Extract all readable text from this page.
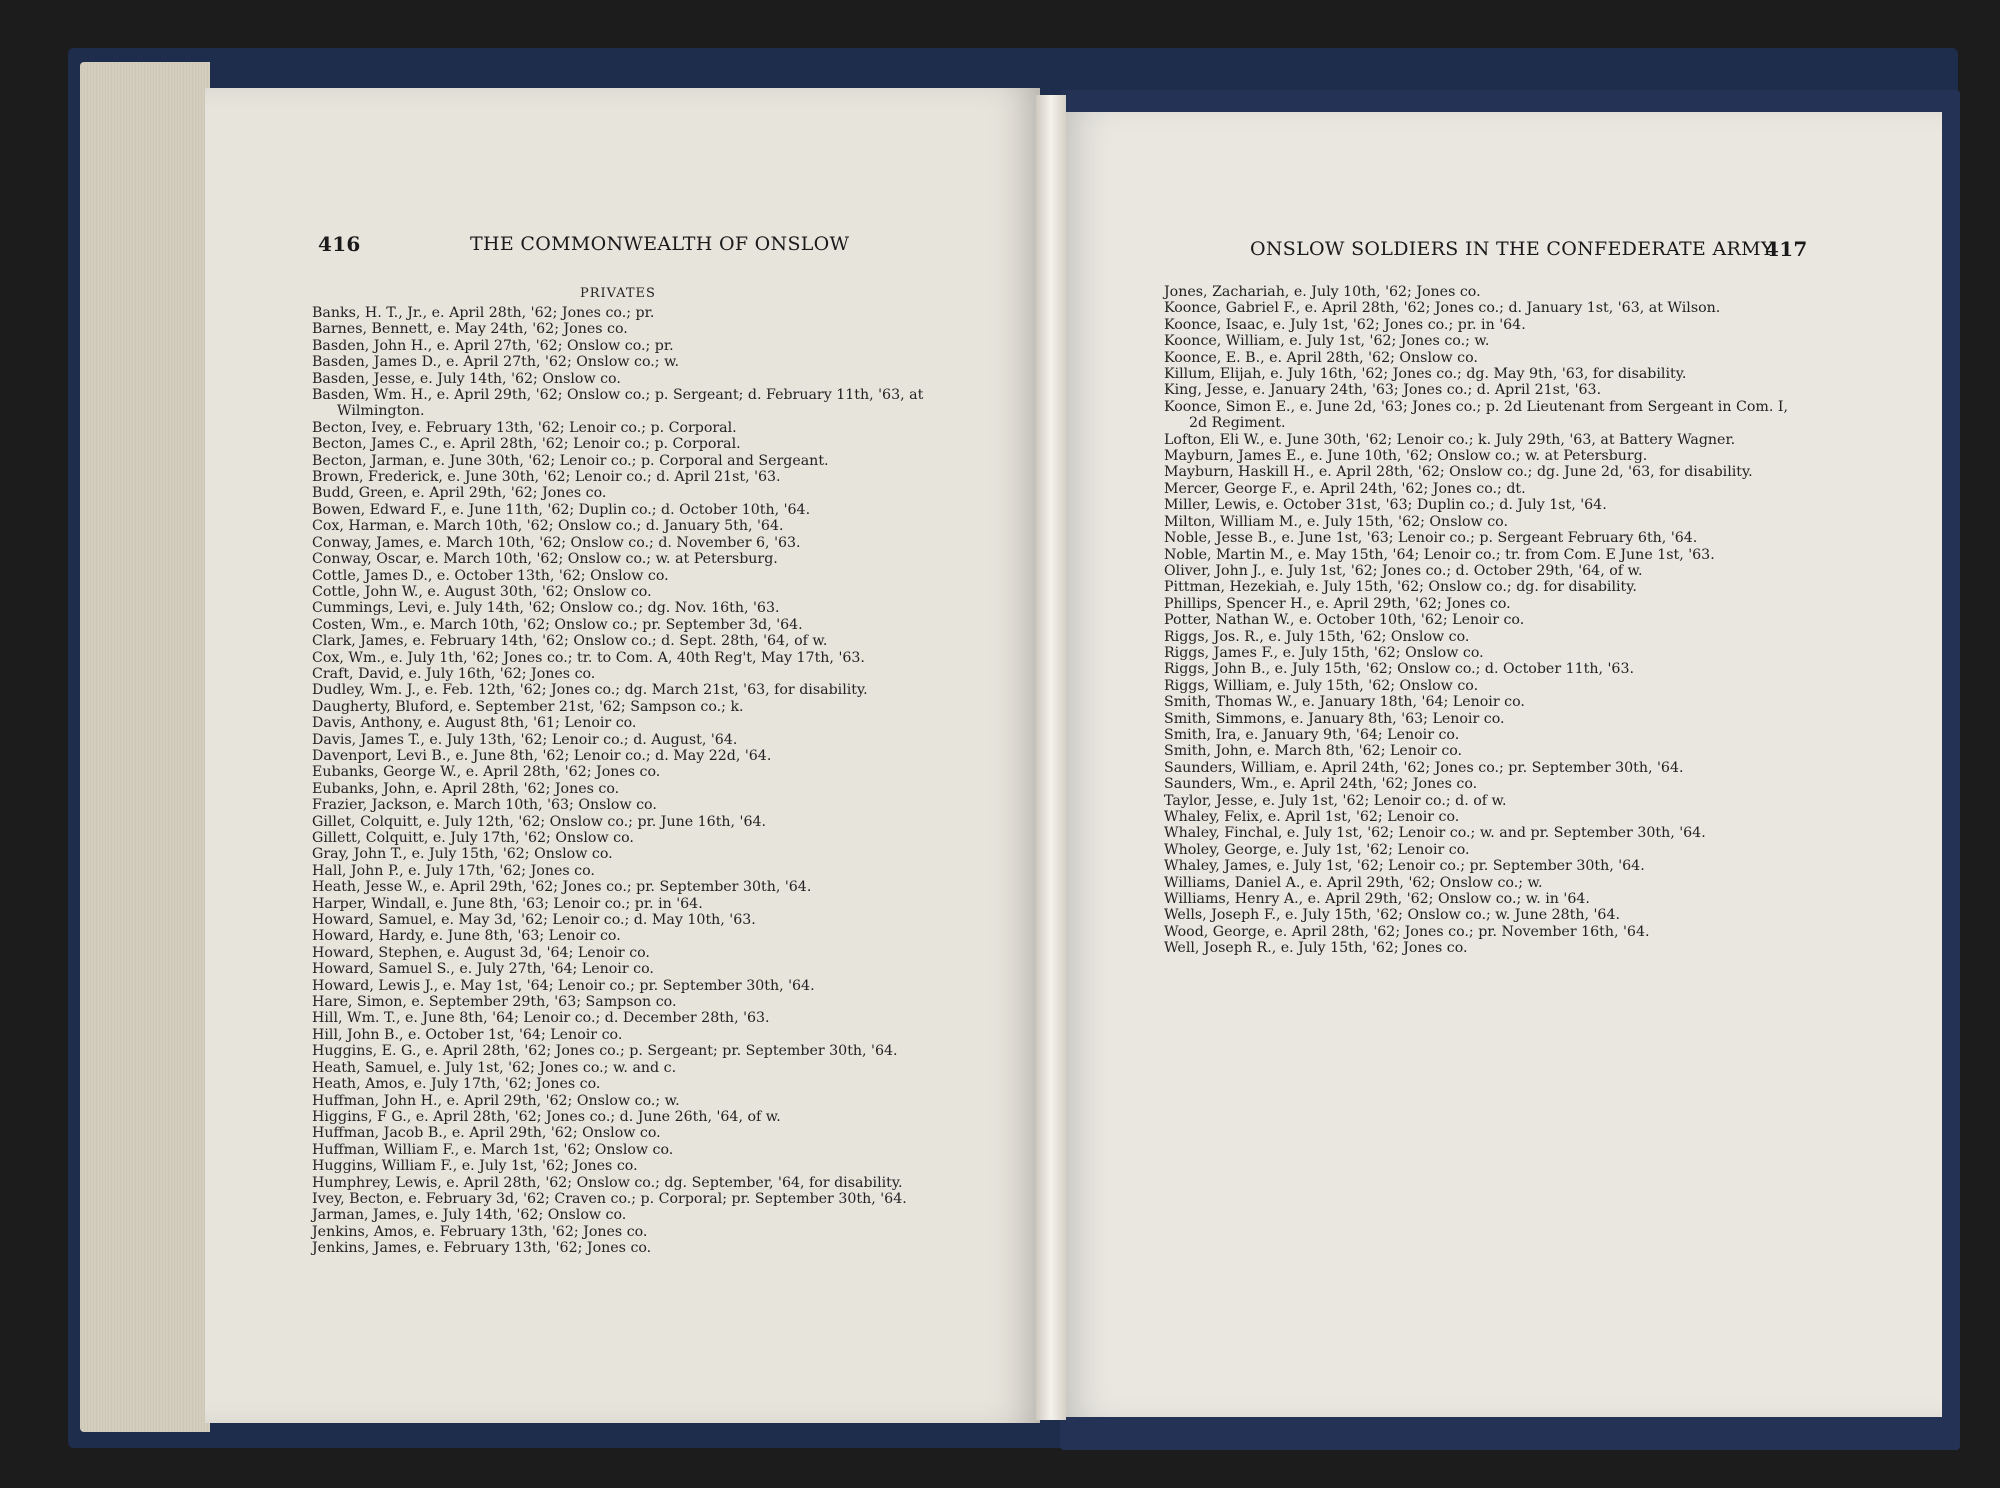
416	THE COMMONWEALTH OF ONSLOW	ONSLOW SOLDIERS IN THE CONFEDERATE ARMY
417
PRIVATES
Banks, H. T., Jr., e. April 28th, '62; Jones co.; pr.
Barnes, Bennett, e. May 24th, '62; Jones co.
Basden, John H., e. April 27th, '62; Onslow co.; pr.
Basden, James D., e. April 27th, '62; Onslow co.; w.
Basden, Jesse, e. July 14th, '62; Onslow co.
Basden, Wm. H., e. April 29th, '62; Onslow co.; p. Sergeant; d. February 11th, '63, at Wilmington.
Becton, Ivey, e. February 13th, '62; Lenoir co.; p. Corporal.
Becton, James C., e. April 28th, '62; Lenoir co.; p. Corporal.
Becton, Jarman, e. June 30th, '62; Lenoir co.; p. Corporal and Sergeant.
Brown, Frederick, e. June 30th, '62; Lenoir co.; d. April 21st, '63.
Budd, Green, e. April 29th, '62; Jones co.
Bowen, Edward F., e. June 11th, '62; Duplin co.; d. October 10th, '64.
Cox, Harman, e. March 10th, '62; Onslow co.; d. January 5th, '64.
Conway, James, e. March 10th, '62; Onslow co.; d. November 6, '63.
Conway, Oscar, e. March 10th, '62; Onslow co.; w. at Petersburg.
Cottle, James D., e. October 13th, '62; Onslow co.
Cottle, John W., e. August 30th, '62; Onslow co.
Cummings, Levi, e. July 14th, '62; Onslow co.; dg. Nov. 16th, '63.
Costen, Wm., e. March 10th, '62; Onslow co.; pr. September 3d, '64.
Clark, James, e. February 14th, '62; Onslow co.; d. Sept. 28th, '64, of w.
Cox, Wm., e. July 1th, '62; Jones co.; tr. to Com. A, 40th Reg't, May 17th, '63.
Craft, David, e. July 16th, '62; Jones co.
Dudley, Wm. J., e. Feb. 12th, '62; Jones co.; dg. March 21st, '63, for disability.
Daugherty, Bluford, e. September 21st, '62; Sampson co.; k.
Davis, Anthony, e. August 8th, '61; Lenoir co.
Davis, James T., e. July 13th, '62; Lenoir co.; d. August, '64.
Davenport, Levi B., e. June 8th, '62; Lenoir co.; d. May 22d, '64.
Eubanks, George W., e. April 28th, '62; Jones co.
Eubanks, John, e. April 28th, '62; Jones co.
Frazier, Jackson, e. March 10th, '63; Onslow co.
Gillet, Colquitt, e. July 12th, '62; Onslow co.; pr. June 16th, '64.
Gillett, Colquitt, e. July 17th, '62; Onslow co.
Gray, John T., e. July 15th, '62; Onslow co.
Hall, John P., e. July 17th, '62; Jones co.
Heath, Jesse W., e. April 29th, '62; Jones co.; pr. September 30th, '64.
Harper, Windall, e. June 8th, '63; Lenoir co.; pr. in '64.
Howard, Samuel, e. May 3d, '62; Lenoir co.; d. May 10th, '63.
Howard, Hardy, e. June 8th, '63; Lenoir co.
Howard, Stephen, e. August 3d, '64; Lenoir co.
Howard, Samuel S., e. July 27th, '64; Lenoir co.
Howard, Lewis J., e. May 1st, '64; Lenoir co.; pr. September 30th, '64.
Hare, Simon, e. September 29th, '63; Sampson co.
Hill, Wm. T., e. June 8th, '64; Lenoir co.; d. December 28th, '63.
Hill, John B., e. October 1st, '64; Lenoir co.
Huggins, E. G., e. April 28th, '62; Jones co.; p. Sergeant; pr. September 30th, '64.
Heath, Samuel, e. July 1st, '62; Jones co.; w. and c.
Heath, Amos, e. July 17th, '62; Jones co.
Huffman, John H., e. April 29th, '62; Onslow co.; w.
Higgins, F G., e. April 28th, '62; Jones co.; d. June 26th, '64, of w.
Huffman, Jacob B., e. April 29th, '62; Onslow co.
Huffman, William F., e. March 1st, '62; Onslow co.
Huggins, William F., e. July 1st, '62; Jones co.
Humphrey, Lewis, e. April 28th, '62; Onslow co.; dg. September, '64, for disability.
Ivey, Becton, e. February 3d, '62; Craven co.; p. Corporal; pr. September 30th, '64.
Jarman, James, e. July 14th, '62; Onslow co.
Jenkins, Amos, e. February 13th, '62; Jones co.
Jenkins, James, e. February 13th, '62; Jones co.
Jones, Zachariah, e. July 10th, '62; Jones co.
Koonce, Gabriel F., e. April 28th, '62; Jones co.; d. January 1st, '63, at Wilson.
Koonce, Isaac, e. July 1st, '62; Jones co.; pr. in '64.
Koonce, William, e. July 1st, '62; Jones co.; w.
Koonce, E. B., e. April 28th, '62; Onslow co.
Killum, Elijah, e. July 16th, '62; Jones co.; dg. May 9th, '63, for disability.
King, Jesse, e. January 24th, '63; Jones co.; d. April 21st, '63.
Koonce, Simon E., e. June 2d, '63; Jones co.; p. 2d Lieutenant from Sergeant in Com. I, 2d Regiment.
Lofton, Eli W., e. June 30th, '62; Lenoir co.; k. July 29th, '63, at Battery Wagner.
Mayburn, James E., e. June 10th, '62; Onslow co.; w. at Petersburg.
Mayburn, Haskill H., e. April 28th, '62; Onslow co.; dg. June 2d, '63, for disability.
Mercer, George F., e. April 24th, '62; Jones co.; dt.
Miller, Lewis, e. October 31st, '63; Duplin co.; d. July 1st, '64.
Milton, William M., e. July 15th, '62; Onslow co.
Noble, Jesse B., e. June 1st, '63; Lenoir co.; p. Sergeant February 6th, '64.
Noble, Martin M., e. May 15th, '64; Lenoir co.; tr. from Com. E June 1st, '63.
Oliver, John J., e. July 1st, '62; Jones co.; d. October 29th, '64, of w.
Pittman, Hezekiah, e. July 15th, '62; Onslow co.; dg. for disability.
Phillips, Spencer H., e. April 29th, '62; Jones co.
Potter, Nathan W., e. October 10th, '62; Lenoir co.
Riggs, Jos. R., e. July 15th, '62; Onslow co.
Riggs, James F., e. July 15th, '62; Onslow co.
Riggs, John B., e. July 15th, '62; Onslow co.; d. October 11th, '63.
Riggs, William, e. July 15th, '62; Onslow co.
Smith, Thomas W., e. January 18th, '64; Lenoir co.
Smith, Simmons, e. January 8th, '63; Lenoir co.
Smith, Ira, e. January 9th, '64; Lenoir co.
Smith, John, e. March 8th, '62; Lenoir co.
Saunders, William, e. April 24th, '62; Jones co.; pr. September 30th, '64.
Saunders, Wm., e. April 24th, '62; Jones co.
Taylor, Jesse, e. July 1st, '62; Lenoir co.; d. of w.
Whaley, Felix, e. April 1st, '62; Lenoir co.
Whaley, Finchal, e. July 1st, '62; Lenoir co.; w. and pr. September 30th, '64.
Wholey, George, e. July 1st, '62; Lenoir co.
Whaley, James, e. July 1st, '62; Lenoir co.; pr. September 30th, '64.
Williams, Daniel A., e. April 29th, '62; Onslow co.; w.
Williams, Henry A., e. April 29th, '62; Onslow co.; w. in '64.
Wells, Joseph F., e. July 15th, '62; Onslow co.; w. June 28th, '64.
Wood, George, e. April 28th, '62; Jones co.; pr. November 16th, '64.
Well, Joseph R., e. July 15th, '62; Jones co.
